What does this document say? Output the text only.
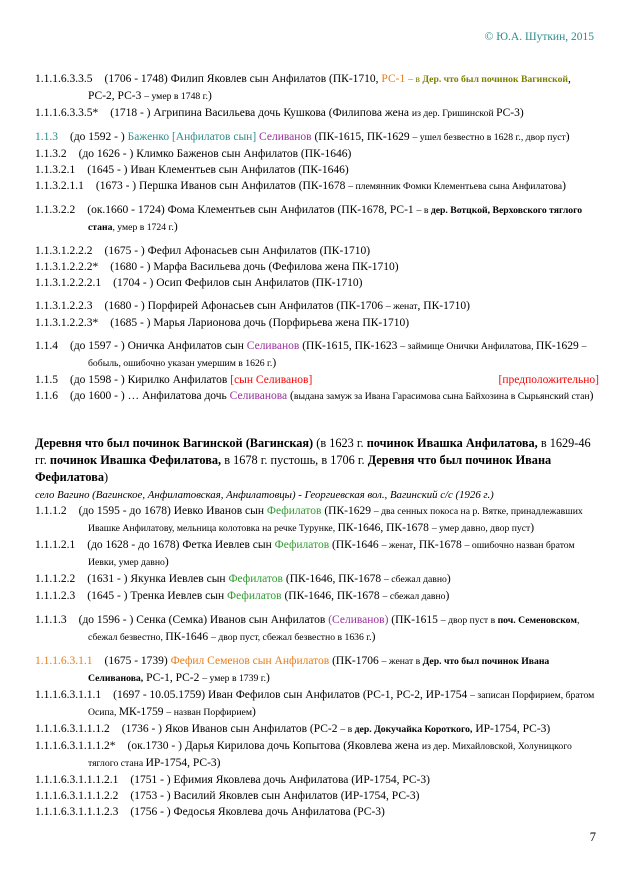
© Ю.А. Шуткин, 2015

1.1.1.6.3.3.5 (1706 - 1748) Филип Яковлев сын Анфилатов (ПК-1710, РС-1 – в Дер. что был починок Вагинской, РС-2, РС-3 – умер в 1748 г.)

1.1.1.6.3.3.5* (1718 - ) Агрипина Васильева дочь Кушкова (Филипова жена из дер. Гришинской РС-3)

1.1.3 (до 1592 - ) Баженко [Анфилатов сын] Селиванов (ПК-1615, ПК-1629 – ушел безвестно в 1628 г., двор пуст)

1.1.3.2 (до 1626 - ) Климко Баженов сын Анфилатов (ПК-1646)

1.1.3.2.1 (1645 - ) Иван Клементьев сын Анфилатов (ПК-1646)

1.1.3.2.1.1 (1673 - ) Першка Иванов сын Анфилатов (ПК-1678 – племянник Фомки Клементьева сына Анфилатова)

1.1.3.2.2 (ок.1660 - 1724) Фома Клементьев сын Анфилатов (ПК-1678, РС-1 – в дер. Вотцкой, Верховского тяглого стана, умер в 1724 г.)

1.1.3.1.2.2.2 (1675 - ) Фефил Афонасьев сын Анфилатов (ПК-1710)

1.1.3.1.2.2.2* (1680 - ) Марфа Васильева дочь (Фефилова жена ПК-1710)

1.1.3.1.2.2.2.1 (1704 - ) Осип Фефилов сын Анфилатов (ПК-1710)

1.1.3.1.2.2.3 (1680 - ) Порфирей Афонасьев сын Анфилатов (ПК-1706 – женат, ПК-1710)

1.1.3.1.2.2.3* (1685 - ) Марья Ларионова дочь (Порфирьева жена ПК-1710)

1.1.4 (до 1597 - ) Оничка Анфилатов сын Селиванов (ПК-1615, ПК-1623 – займище Онички Анфилатова, ПК-1629 – бобыль, ошибочно указан умершим в 1626 г.)

1.1.5 (до 1598 - ) Кирилко Анфилатов [сын Селиванов]	[предположительно]

1.1.6 (до 1600 - ) … Анфилатова дочь Селиванова (выдана замуж за Ивана Гарасимова сына Байхозина в Сырьянский стан)

Деревня что был починок Вагинской (Вагинская) (в 1623 г. починок Ивашка Анфилатова, в 1629-46 гг. починок Ивашка Фефилатова, в 1678 г. пустошь, в 1706 г. Деревня что был починок Ивана Фефилатова)

село Вагино (Вагинское, Анфилатовская, Анфилатовцы) - Георгиевская вол., Вагинский с/с (1926 г.)

1.1.1.2 (до 1595 - до 1678) Иевко Иванов сын Фефилатов (ПК-1629 – два сенных покоса на р. Вятке, принадлежавших Ивашке Анфилатову, мельница колотовка на речке Турунке, ПК-1646, ПК-1678 – умер давно, двор пуст)

1.1.1.2.1 (до 1628 - до 1678) Фетка Иевлев сын Фефилатов (ПК-1646 – женат, ПК-1678 – ошибочно назван братом Иевки, умер давно)

1.1.1.2.2 (1631 - ) Якунка Иевлев сын Фефилатов (ПК-1646, ПК-1678 – сбежал давно)

1.1.1.2.3 (1645 - ) Тренка Иевлев сын Фефилатов (ПК-1646, ПК-1678 – сбежал давно)

1.1.1.3 (до 1596 - ) Сенка (Семка) Иванов сын Анфилатов (Селиванов) (ПК-1615 – двор пуст в поч. Семеновском, сбежал безвестно, ПК-1646 – двор пуст, сбежал безвестно в 1636 г.)

1.1.1.6.3.1.1 (1675 - 1739) Фефил Семенов сын Анфилатов (ПК-1706 – женат в Дер. что был починок Ивана Селиванова, РС-1, РС-2 – умер в 1739 г.)

1.1.1.6.3.1.1.1 (1697 - 10.05.1759) Иван Фефилов сын Анфилатов (РС-1, РС-2, ИР-1754 – записан Порфирием, братом Осипа, МК-1759 – назван Порфирием)

1.1.1.6.3.1.1.1.2 (1736 - ) Яков Иванов сын Анфилатов (РС-2 – в дер. Докучайка Короткого, ИР-1754, РС-3)

1.1.1.6.3.1.1.1.2* (ок.1730 - ) Дарья Кирилова дочь Копытова (Яковлева жена из дер. Михайловской, Холуницкого тяглого стана ИР-1754, РС-3)

1.1.1.6.3.1.1.1.2.1 (1751 - ) Ефимия Яковлева дочь Анфилатова (ИР-1754, РС-3)

1.1.1.6.3.1.1.1.2.2 (1753 - ) Василий Яковлев сын Анфилатов (ИР-1754, РС-3)

1.1.1.6.3.1.1.1.2.3 (1756 - ) Федосья Яковлева дочь Анфилатова (РС-3)

7
